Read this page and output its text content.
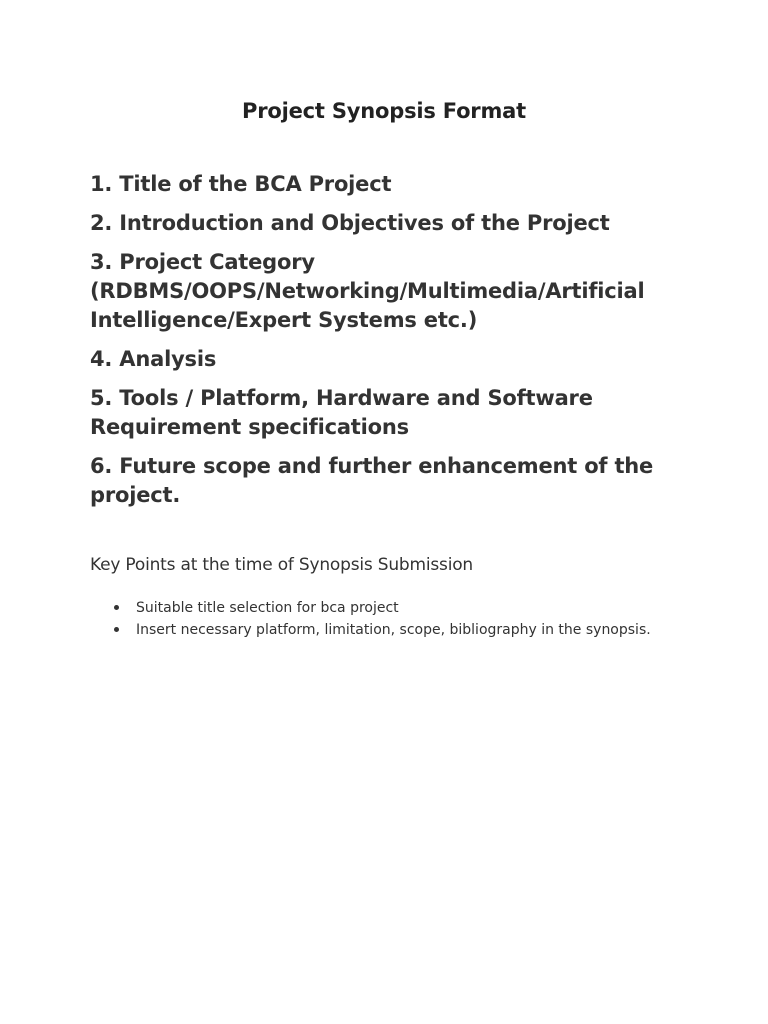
Project Synopsis Format
1. Title of the BCA Project
2. Introduction and Objectives of the Project
3. Project Category (RDBMS/OOPS/Networking/Multimedia/Artificial Intelligence/Expert Systems etc.)
4. Analysis
5. Tools / Platform, Hardware and Software Requirement specifications
6. Future scope and further enhancement of the project.
Key Points at the time of Synopsis Submission
Suitable title selection for bca project
Insert necessary platform, limitation, scope, bibliography in the synopsis.
